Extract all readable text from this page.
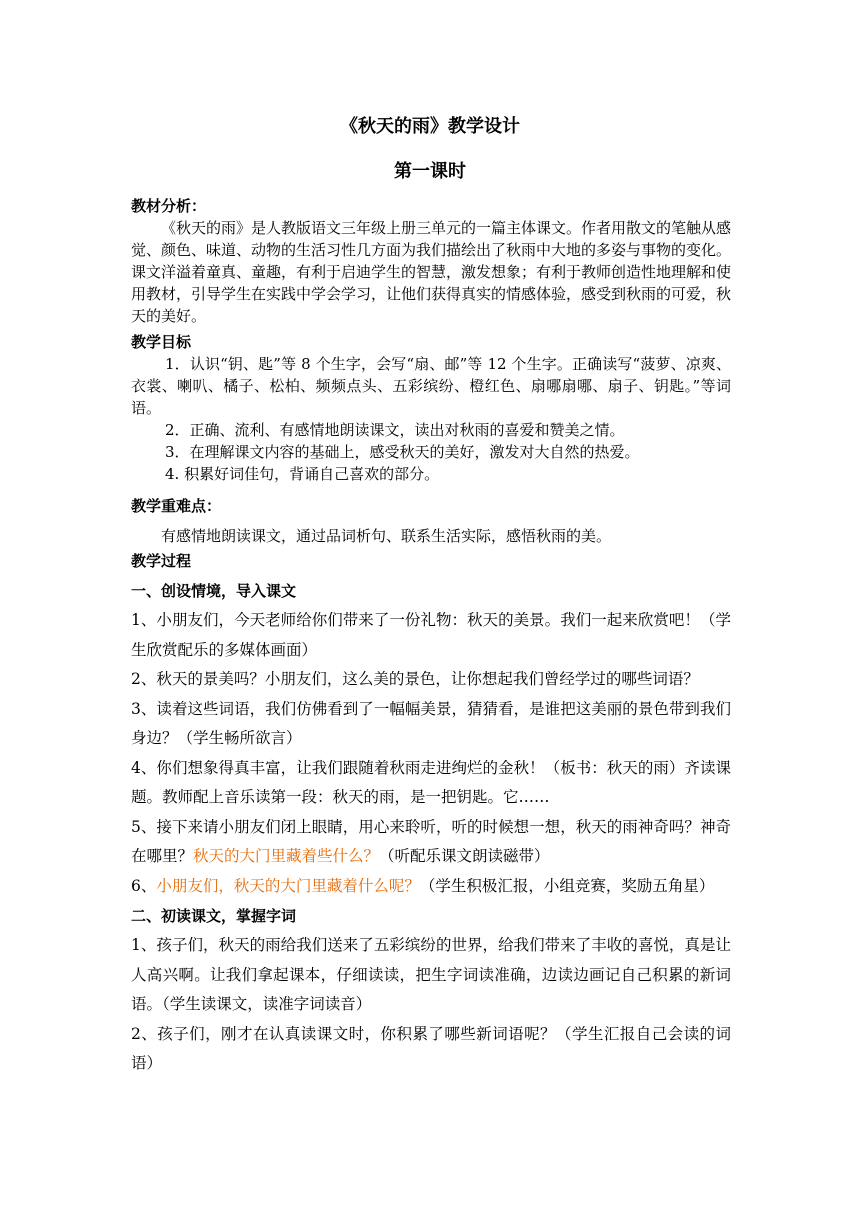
《秋天的雨》教学设计
第一课时
教材分析：
《秋天的雨》是人教版语文三年级上册三单元的一篇主体课文。作者用散文的笔触从感觉、颜色、味道、动物的生活习性几方面为我们描绘出了秋雨中大地的多姿与事物的变化。课文洋溢着童真、童趣，有利于启迪学生的智慧，激发想象；有利于教师创造性地理解和使用教材，引导学生在实践中学会学习，让他们获得真实的情感体验，感受到秋雨的可爱，秋天的美好。
教学目标
1．认识“钥、匙”等 8 个生字，会写“扇、邮”等 12 个生字。正确读写“菠萝、凉爽、衣裳、喇叭、橘子、松柏、频频点头、五彩缤纷、橙红色、扇哪扇哪、扇子、钥匙。”等词语。
2．正确、流利、有感情地朗读课文，读出对秋雨的喜爱和赞美之情。
3．在理解课文内容的基础上，感受秋天的美好，激发对大自然的热爱。
4. 积累好词佳句，背诵自己喜欢的部分。
教学重难点：
有感情地朗读课文，通过品词析句、联系生活实际，感悟秋雨的美。
教学过程
一、创设情境，导入课文
1、小朋友们，今天老师给你们带来了一份礼物：秋天的美景。我们一起来欣赏吧！（学生欣赏配乐的多媒体画面）
2、秋天的景美吗？小朋友们，这么美的景色，让你想起我们曾经学过的哪些词语？
3、读着这些词语，我们仿佛看到了一幅幅美景，猜猜看，是谁把这美丽的景色带到我们身边？（学生畅所欲言）
4、你们想象得真丰富，让我们跟随着秋雨走进绚烂的金秋！（板书：秋天的雨）齐读课题。教师配上音乐读第一段：秋天的雨，是一把钥匙。它……
5、接下来请小朋友们闭上眼睛，用心来聆听，听的时候想一想，秋天的雨神奇吗？神奇在哪里？秋天的大门里藏着些什么？（听配乐课文朗读磁带）
6、小朋友们，秋天的大门里藏着什么呢？（学生积极汇报，小组竞赛，奖励五角星）
二、初读课文，掌握字词
1、孩子们，秋天的雨给我们送来了五彩缤纷的世界，给我们带来了丰收的喜悦，真是让人高兴啊。让我们拿起课本，仔细读读，把生字词读准确，边读边画记自己积累的新词语。（学生读课文，读准字词读音）
2、孩子们，刚才在认真读课文时，你积累了哪些新词语呢？（学生汇报自己会读的词语）
